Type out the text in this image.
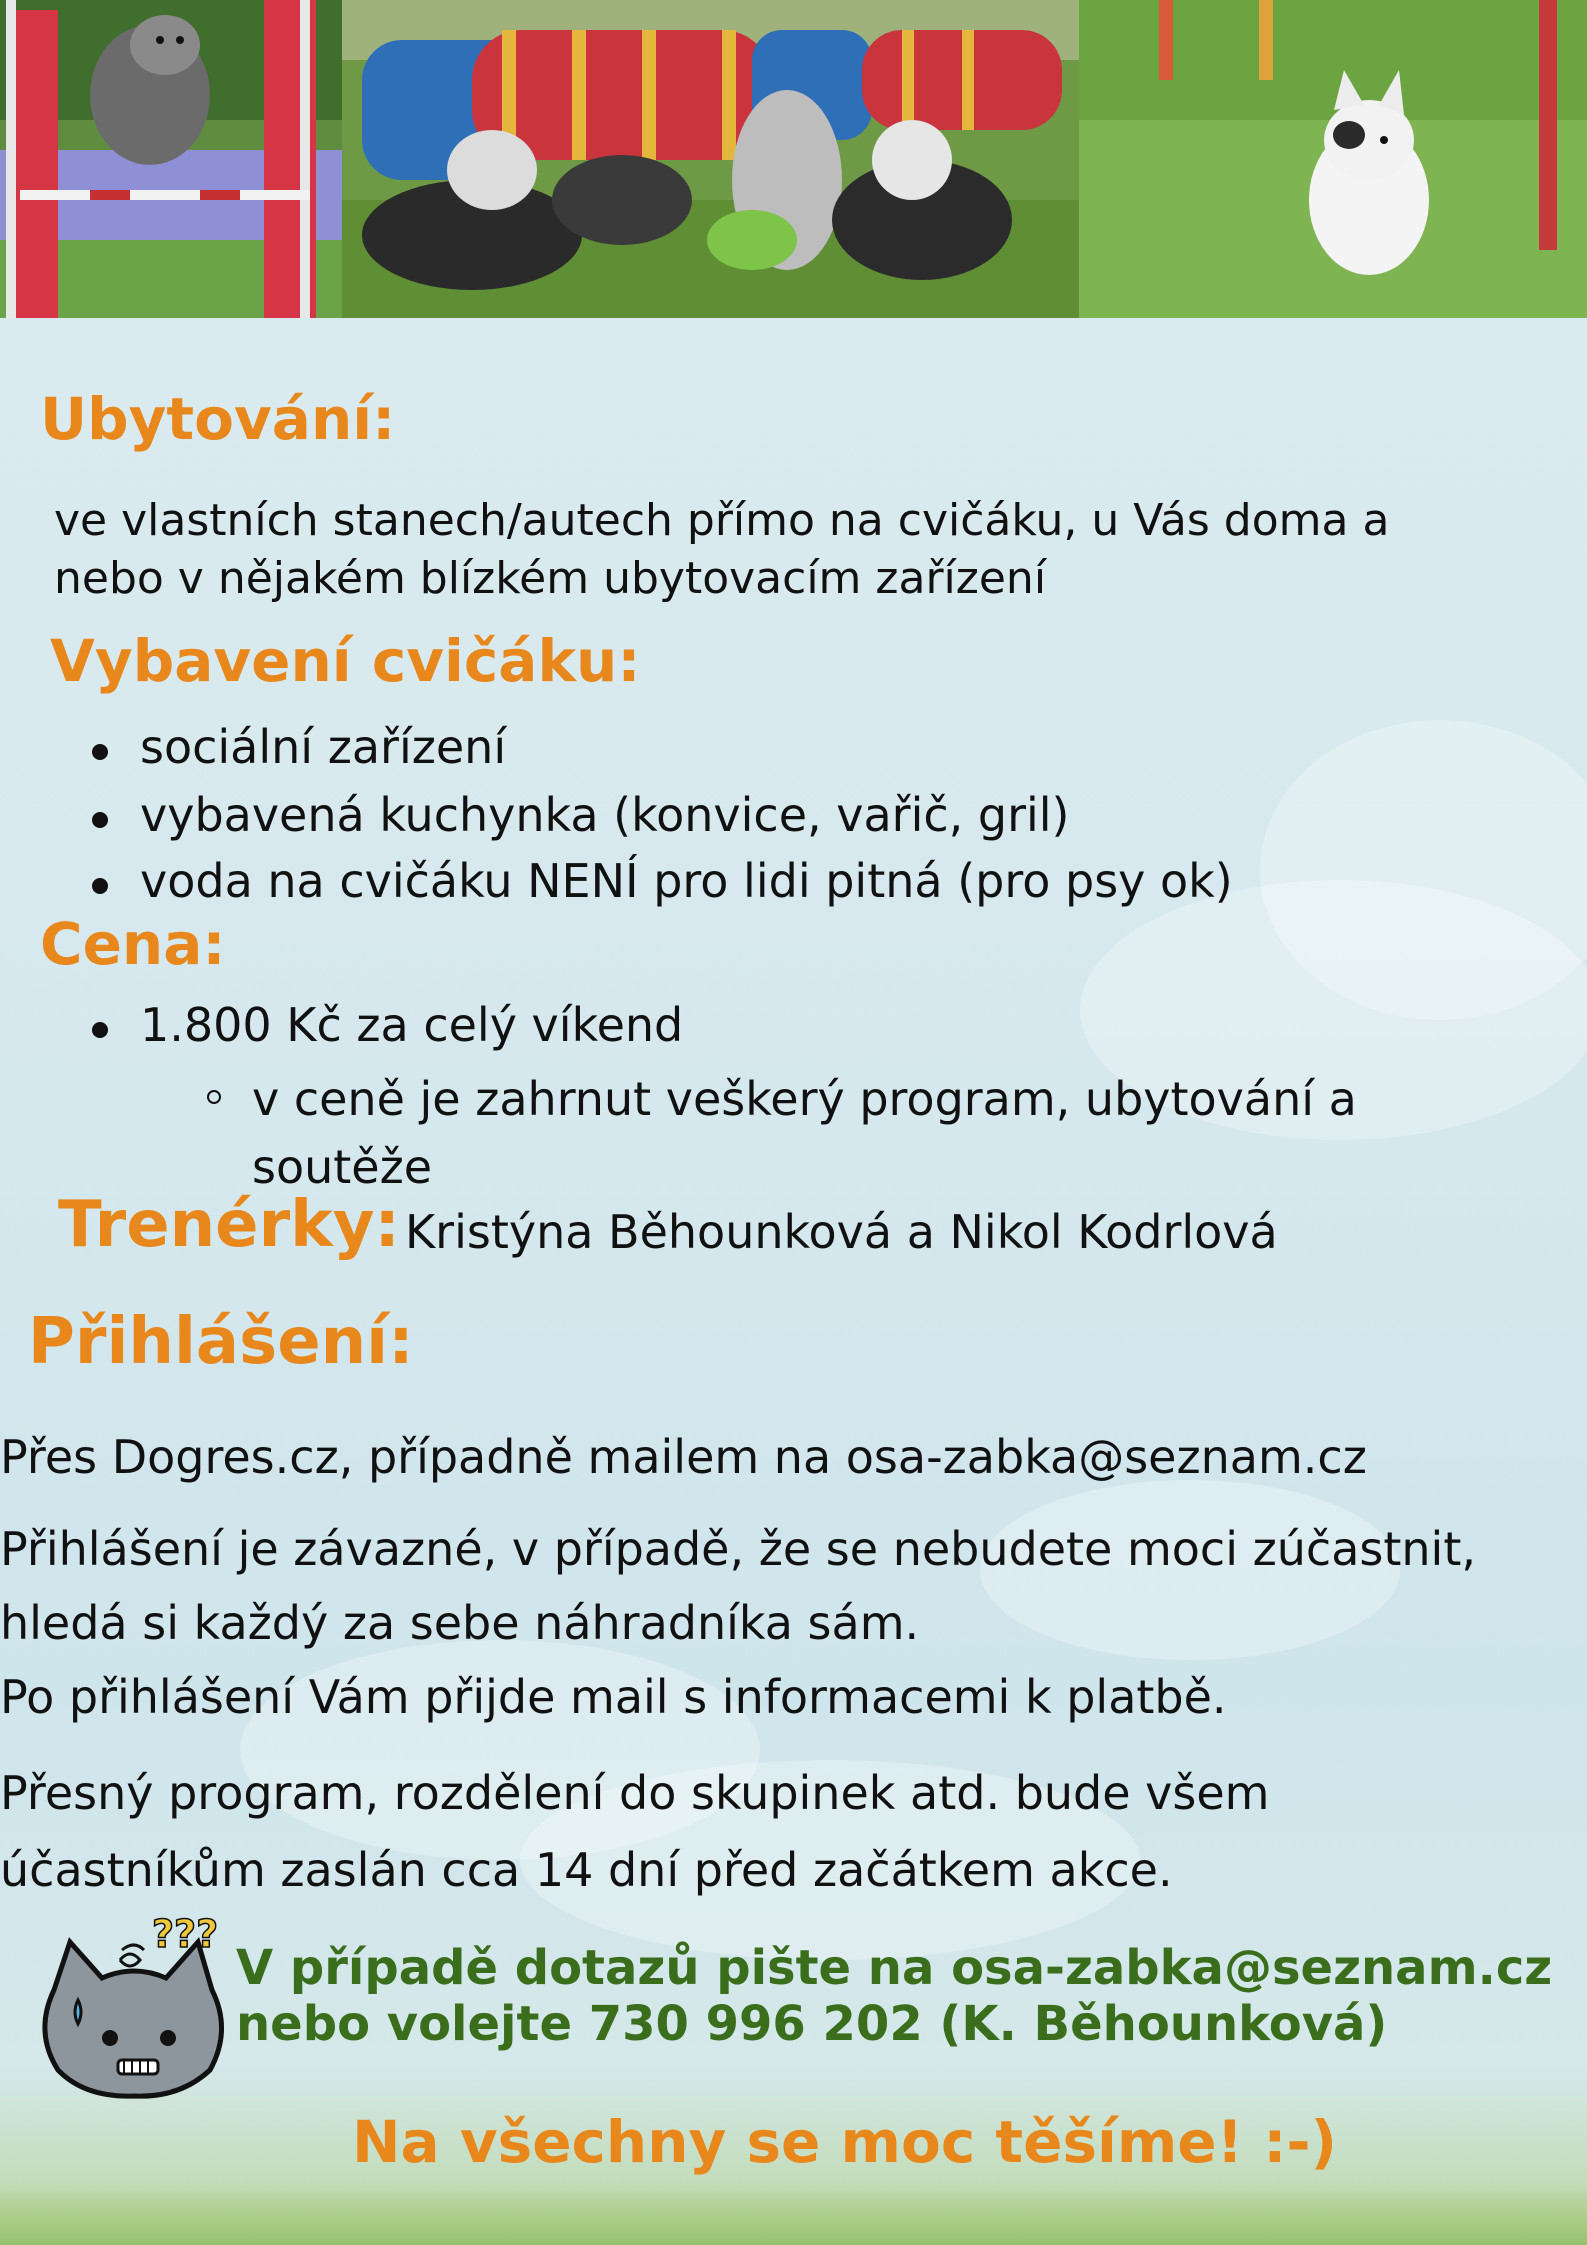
Ubytování:

ve vlastních stanech/autech přímo na cvičáku, u Vás doma a

nebo v nějakém blízkém ubytovacím zařízení

Vybavení cvičáku:

sociální zařízení

vybavená kuchynka (konvice, vařič, gril)

voda na cvičáku NENÍ pro lidi pitná (pro psy ok)

Cena:

1.800 Kč za celý víkend

v ceně je zahrnut veškerý program, ubytování a

soutěže

Trenérky: Kristýna Běhounková a Nikol Kodrlová

Přihlášení:

Přes Dogres.cz, případně mailem na osa-zabka@seznam.cz

Přihlášení je závazné, v případě, že se nebudete moci zúčastnit,

hledá si každý za sebe náhradníka sám.

Po přihlášení Vám přijde mail s informacemi k platbě.

Přesný program, rozdělení do skupinek atd. bude všem

účastníkům zaslán cca 14 dní před začátkem akce.

???

V případě dotazů pište na osa-zabka@seznam.cz

nebo volejte 730 996 202 (K. Běhounková)

Na všechny se moc těšíme! :-)
